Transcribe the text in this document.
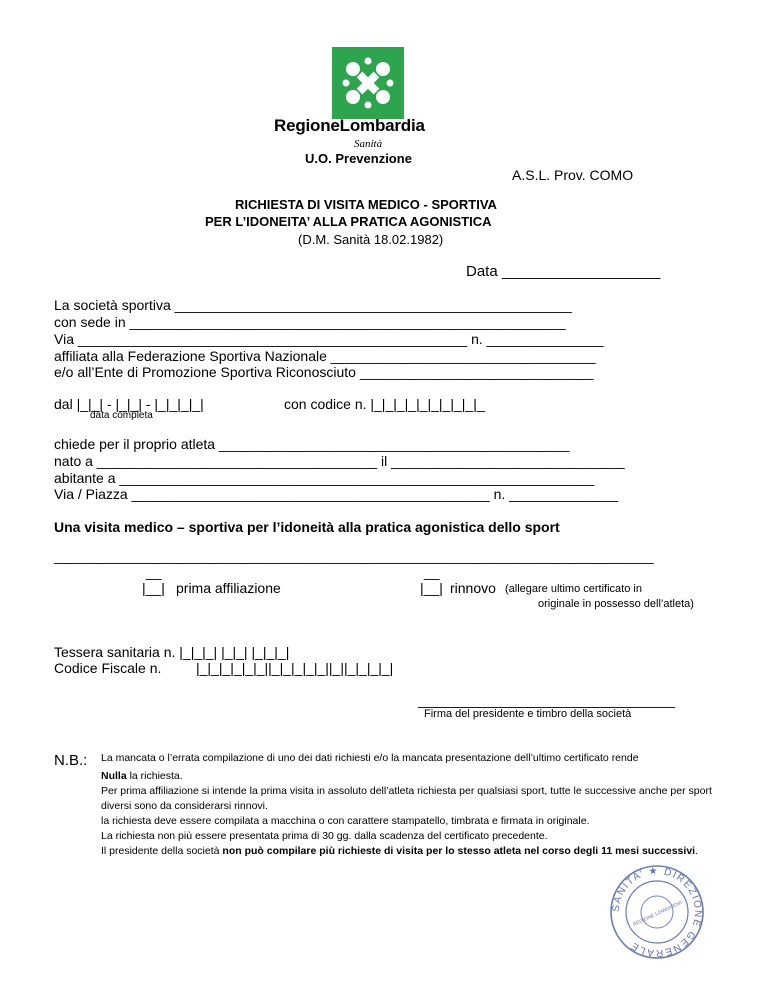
RegioneLombardia
Sanità
U.O. Prevenzione
A.S.L. Prov. COMO
RICHIESTA DI VISITA MEDICO - SPORTIVA
PER L’IDONEITA’ ALLA PRATICA AGONISTICA
(D.M. Sanità 18.02.1982)
Data ___________________
La società sportiva ___________________________________________________
con sede in ________________________________________________________
Via __________________________________________________ n. _______________
affiliata alla Federazione Sportiva Nazionale __________________________________
e/o all’Ente di Promozione Sportiva Riconosciuto ______________________________
dal |_|_| - |_|_| - |_|_|_|_|
data completa
con codice n. |_|_|_|_|_|_|_|_|_|_
chiede per il proprio atleta _____________________________________________
nato a ____________________________________ il ______________________________
abitante a _____________________________________________________________
Via / Piazza ______________________________________________ n. ______________
Una visita medico – sportiva per l’idoneità alla pratica agonistica dello sport
_____________________________________________________________________________
__
|__| prima affiliazione
__
|__| rinnovo (allegare ultimo certificato in
originale in possesso dell’atleta)
Tessera sanitaria n. |_|_|_| |_|_| |_|_|_|
Codice Fiscale n. |_|_|_|_|_|_||_|_|_|_|_||_||_|_|_|_|
_________________________________
Firma del presidente e timbro della società
N.B.: La mancata o l’errata compilazione di uno dei dati richiesti e/o la mancata presentazione dell’ultimo certificato rende

Nulla la richiesta.

Per prima affiliazione si intende la prima visita in assoluto dell’atleta richiesta per qualsiasi sport, tutte le successive anche per sport diversi sono da considerarsi rinnovi.

la richiesta deve essere compilata a macchina o con carattere stampatello, timbrata e firmata in originale.

La richiesta non più essere presentata prima di 30 gg. dalla scadenza del certificato precedente.

Il presidente della società non può compilare più richieste di visita per lo stesso atleta nel corso degli 11 mesi successivi.

SANITA’ ★ DIREZIONE GENERALE
REGIONE LOMBARDIA
